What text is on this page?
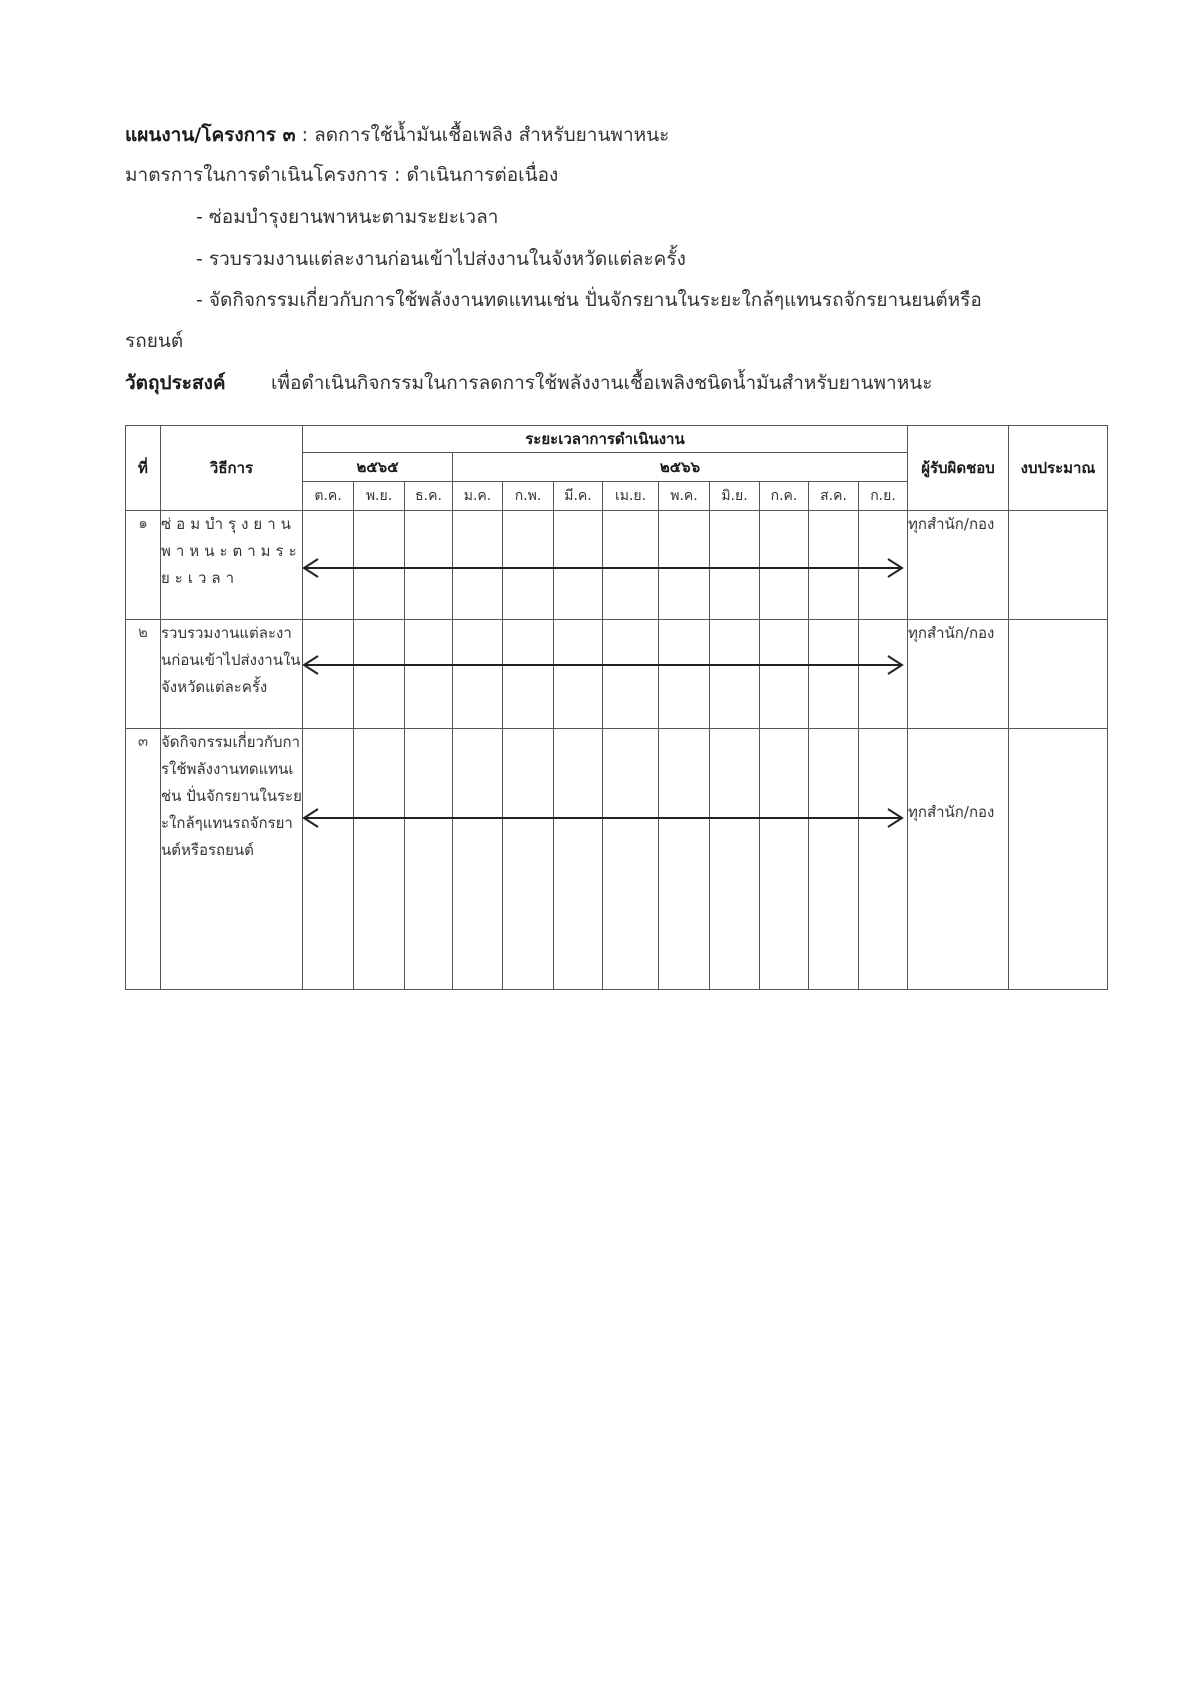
แผนงาน/โครงการ ๓ : ลดการใช้น้ำมันเชื้อเพลิง สำหรับยานพาหนะ
มาตรการในการดำเนินโครงการ : ดำเนินการต่อเนื่อง
- ซ่อมบำรุงยานพาหนะตามระยะเวลา
- รวบรวมงานแต่ละงานก่อนเข้าไปส่งงานในจังหวัดแต่ละครั้ง
- จัดกิจกรรมเกี่ยวกับการใช้พลังงานทดแทนเช่น ปั่นจักรยานในระยะใกล้ๆแทนรถจักรยานยนต์หรือ
รถยนต์
วัตถุประสงค์ เพื่อดำเนินกิจกรรมในการลดการใช้พลังงานเชื้อเพลิงชนิดน้ำมันสำหรับยานพาหนะ
ที่	วิธีการ	ระยะเวลาการดำเนินงาน												ผู้รับผิดชอบ	งบประมาณ
		๒๕๖๕			๒๕๖๖										
		ต.ค.	พ.ย.	ธ.ค.	ม.ค.	ก.พ.	มี.ค.	เม.ย.	พ.ค.	มิ.ย.	ก.ค.	ส.ค.	ก.ย.		
๑	ซ่อมบำรุงยานพาหนะตามระยะเวลา													ทุกสำนัก/กอง	
๒	รวบรวมงานแต่ละงานก่อนเข้าไปส่งงานในจังหวัดแต่ละครั้ง													ทุกสำนัก/กอง	
๓	จัดกิจกรรมเกี่ยวกับการใช้พลังงานทดแทนเช่น ปั่นจักรยานในระยะใกล้ๆแทนรถจักรยานต์หรือรถยนต์													ทุกสำนัก/กอง	
